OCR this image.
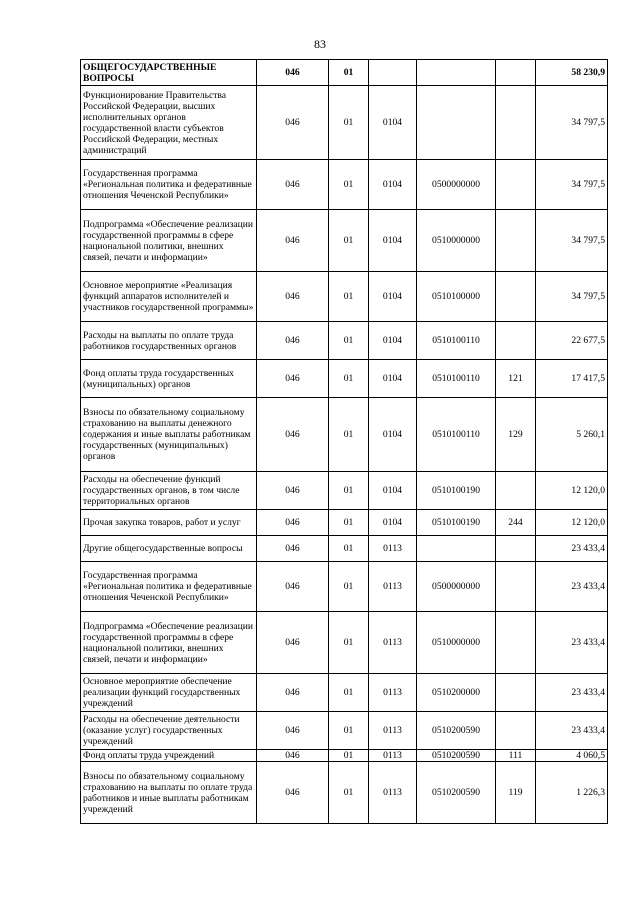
83
ОБЩЕГОСУДАРСТВЕННЫЕ ВОПРОСЫ	046	01				58 230,9
Функционирование Правительства Российской Федерации, высших исполнительных органов государственной власти субъектов Российской Федерации, местных администраций	046	01	0104			34 797,5
Государственная программа «Региональная политика и федеративные отношения Чеченской Республики»	046	01	0104	0500000000		34 797,5
Подпрограмма «Обеспечение реализации государственной программы в сфере национальной политики, внешних связей, печати и информации»	046	01	0104	0510000000		34 797,5
Основное мероприятие «Реализация функций аппаратов исполнителей и участников государственной программы»	046	01	0104	0510100000		34 797,5
Расходы на выплаты по оплате труда работников государственных органов	046	01	0104	0510100110		22 677,5
Фонд оплаты труда государственных (муниципальных) органов	046	01	0104	0510100110	121	17 417,5
Взносы по обязательному социальному страхованию на выплаты денежного содержания и иные выплаты работникам государственных (муниципальных) органов	046	01	0104	0510100110	129	5 260,1
Расходы на обеспечение функций государственных органов, в том числе территориальных органов	046	01	0104	0510100190		12 120,0
Прочая закупка товаров, работ и услуг	046	01	0104	0510100190	244	12 120,0
Другие общегосударственные вопросы	046	01	0113			23 433,4
Государственная программа «Региональная политика и федеративные отношения Чеченской Республики»	046	01	0113	0500000000		23 433,4
Подпрограмма «Обеспечение реализации государственной программы в сфере национальной политики, внешних связей, печати и информации»	046	01	0113	0510000000		23 433,4
Основное мероприятие обеспечение реализации функций государственных учреждений	046	01	0113	0510200000		23 433,4
Расходы на обеспечение деятельности (оказание услуг) государственных учреждений	046	01	0113	0510200590		23 433,4
Фонд оплаты труда учреждений	046	01	0113	0510200590	111	4 060,5
Взносы по обязательному социальному страхованию на выплаты по оплате труда работников и иные выплаты работникам учреждений	046	01	0113	0510200590	119	1 226,3
